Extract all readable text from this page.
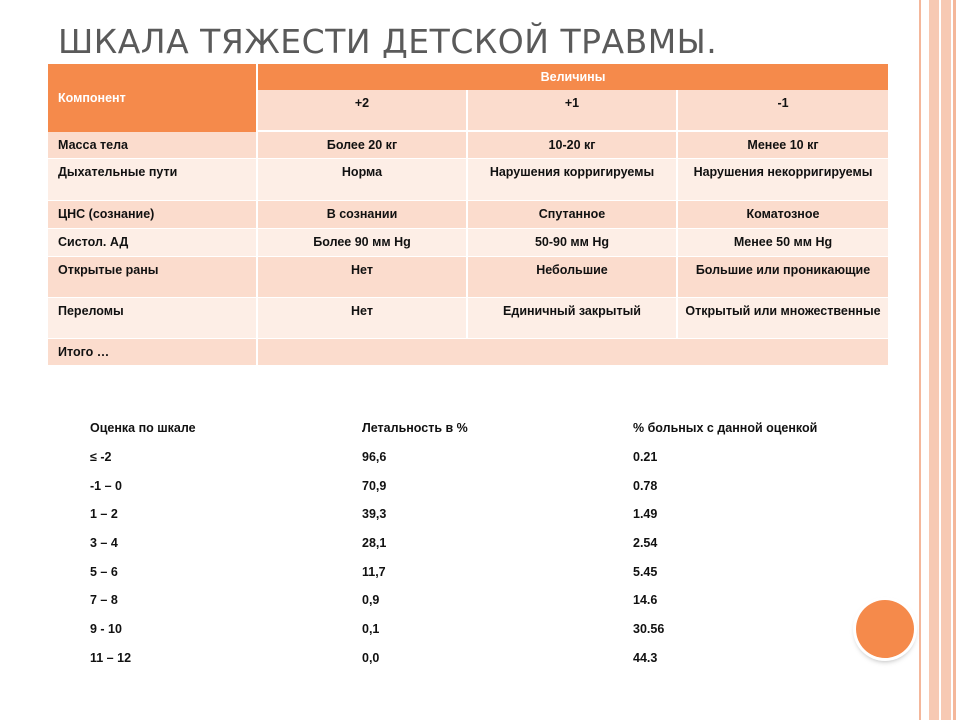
ШКАЛА ТЯЖЕСТИ ДЕТСКОЙ ТРАВМЫ.
Компонент	Величины		
	+2	+1	-1
Масса тела	Более 20 кг	10-20 кг	Менее 10 кг
Дыхательные пути	Норма	Нарушения корригируемы	Нарушения некорригируемы
ЦНС (сознание)	В сознании	Спутанное	Коматозное
Систол. АД	Более 90 мм Hg	50-90 мм Hg	Менее 50 мм Hg
Открытые раны	Нет	Небольшие	Большие или проникающие
Переломы	Нет	Единичный закрытый	Открытый или множественные
Итого …			
Оценка по шкале	Летальность в %	% больных с данной оценкой
≤ -2	96,6	0.21
-1 – 0	70,9	0.78
1 – 2	39,3	1.49
3 – 4	28,1	2.54
5 – 6	11,7	5.45
7 – 8	0,9	14.6
9 - 10	0,1	30.56
11 – 12	0,0	44.3
